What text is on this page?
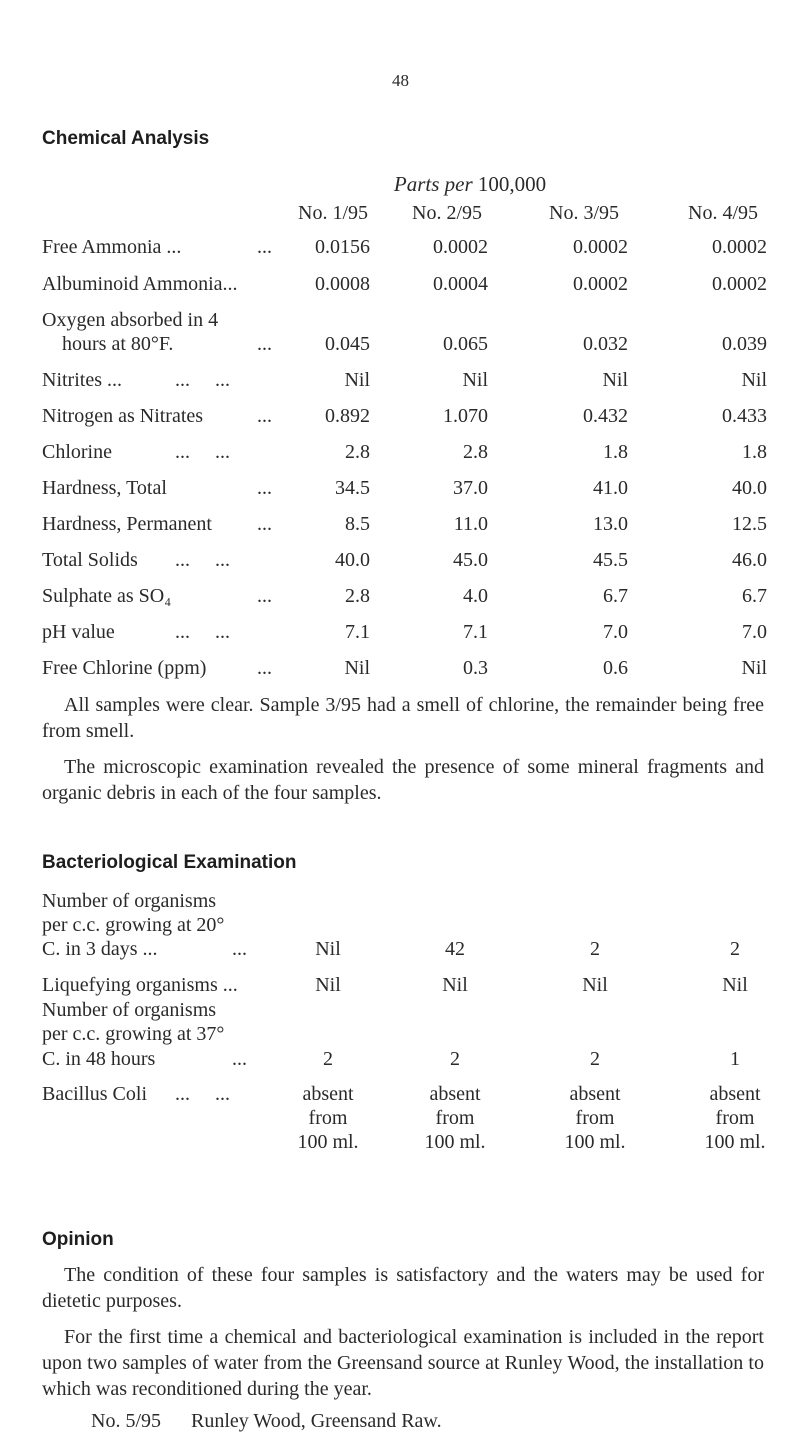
48
Chemical Analysis
Parts per 100,000
No. 1/95 No. 2/95	No. 3/95	No. 4/95
Free Ammonia ...	... 0.0156	0.0002	0.0002	0.0002
Albuminoid Ammonia...	0.0008	0.0004	0.0002	0.0002
Oxygen absorbed in 4
hours at 80°F.	...	0.045	0.065	0.032	0.039
Nitrites ...	...     ...	Nil	Nil	Nil	Nil
Nitrogen as Nitrates	...	0.892	1.070	0.432	0.433
Chlorine	...     ...	2.8	2.8	1.8	1.8
Hardness, Total	...	34.5	37.0	41.0	40.0
Hardness, Permanent ...	8.5	11.0	13.0	12.5
Total Solids ...     ...	40.0	45.0	45.5	46.0
Sulphate as SO₄	...	2.8	4.0	6.7	6.7
pH value	...     ...	7.1	7.1	7.0	7.0
Free Chlorine (ppm)	...	Nil	0.3	0.6	Nil
All samples were clear. Sample 3/95 had a smell of chlorine, the remainder being free from smell.
The microscopic examination revealed the presence of some mineral fragments and organic debris in each of the four samples.
Bacteriological Examination
Number of organisms
per c.c. growing at 20°
C. in 3 days ...	...	Nil	42	2	2
Liquefying organisms ...	Nil	Nil	Nil	Nil
Number of organisms
per c.c. growing at 37°
C. in 48 hours	...	2	2	2	1
Bacillus Coli ...     ...	absent	absent	absent	absent
from	from	from	from
100 ml.	100 ml.	100 ml.	100 ml.
Opinion
The condition of these four samples is satisfactory and the waters may be used for dietetic purposes.
For the first time a chemical and bacteriological examination is included in the report upon two samples of water from the Greensand source at Runley Wood, the installation to which was reconditioned during the year.
No. 5/95 Runley Wood, Greensand Raw.
